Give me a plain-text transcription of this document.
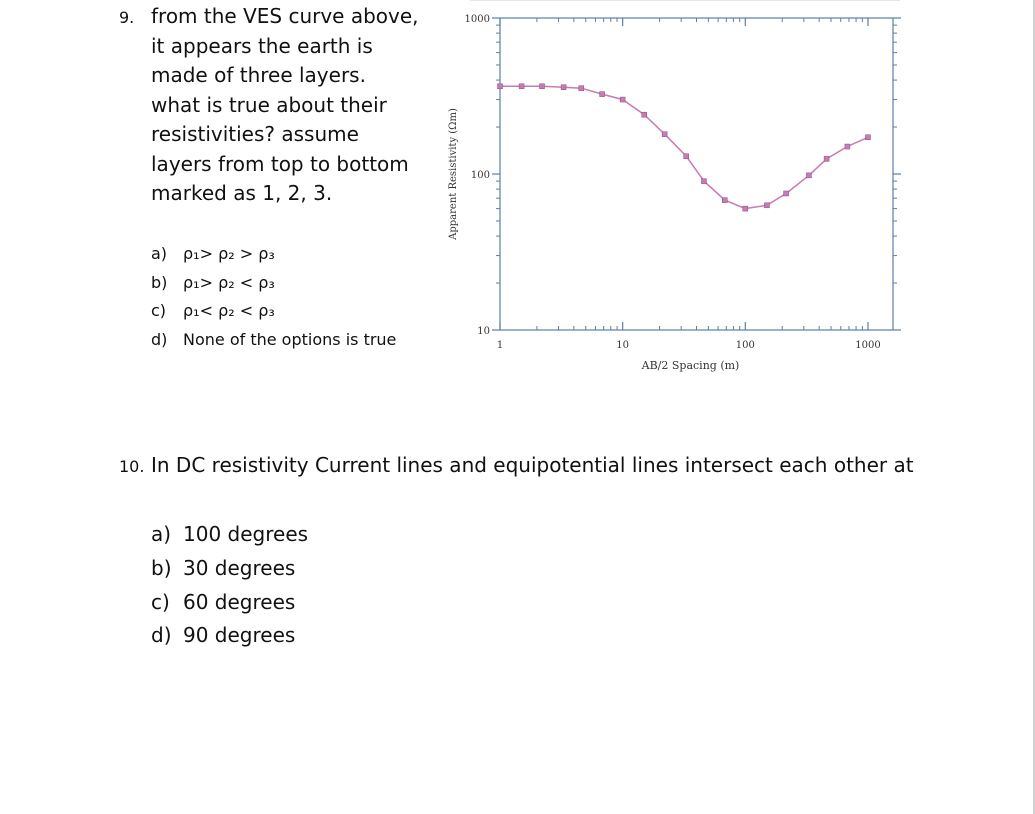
9. from the VES curve above,
it appears the earth is
made of three layers.
what is true about their
resistivities? assume
layers from top to bottom
marked as 1, 2, 3.
a) ρ₁> ρ₂ > ρ₃
b) ρ₁> ρ₂ < ρ₃
c) ρ₁< ρ₂ < ρ₃
d) None of the options is true	1	10	100	1000
10
100
1000
AB/2 Spacing (m)
Apparent Resistivity (Ωm)
10. In DC resistivity Current lines and equipotential lines intersect each other at
a) 100 degrees
b) 30 degrees
c) 60 degrees
d) 90 degrees
